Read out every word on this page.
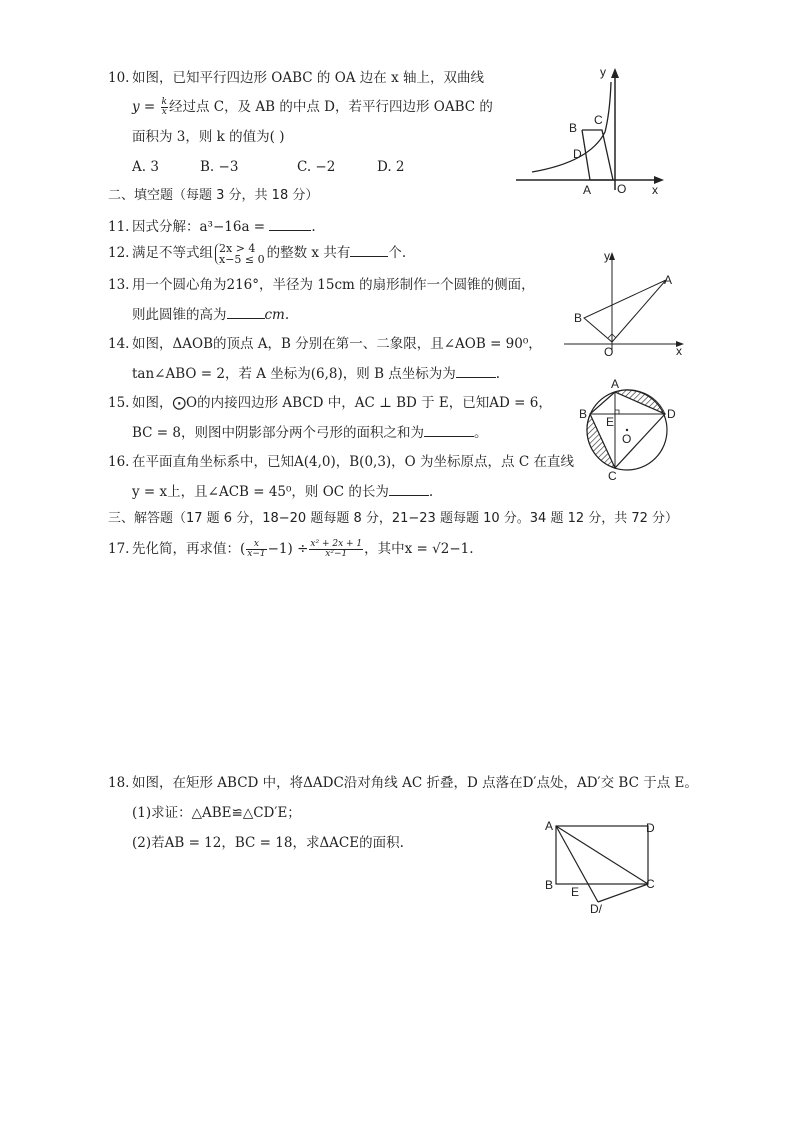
10. 如图，已知平行四边形 OABC 的 OA 边在 x 轴上，双曲线
$y = \frac{k}{x}$ 经过点 C，及 AB 的中点 D，若平行四边形 OABC 的
面积为 3，则 k 的值为( )
A. 3	B. −3	C. −2	D. 2
y
B
C
D
A O x
二、填空题（每题 3 分，共 18 分）
11. 因式分解：a³−16a =	.
12. 满足不等式组 2x > 4
x−5 ≤ 0 的整数 x 共有	个.	y
A
B
O	x
13. 用一个圆心角为216°，半径为 15cm 的扇形制作一个圆锥的侧面，
则此圆锥的高为	cm.
14. 如图，ΔAOB的顶点 A，B 分别在第一、二象限，且∠AOB = 90⁰，
tan∠ABO = 2，若 A 坐标为(6,8)，则 B 点坐标为为	.
A
B	D
E
O
C
15. 如图，⨀O的内接四边形 ABCD 中，AC ⊥ BD 于 E，已知AD = 6，
BC = 8，则图中阴影部分两个弓形的面积之和为	。
16. 在平面直角坐标系中，已知A(4,0)，B(0,3)，O 为坐标原点，点 C 在直线
y = x上，且∠ACB = 45⁰，则 OC 的长为	.
三、解答题（17 题 6 分，18−20 题每题 8 分，21−23 题每题 10 分。34 题 12 分，共 72 分）
17. 先化简，再求值：( $\frac{x}{x-1} -1) \div \frac{\text{x² + 2x + 1}}{\text{x²−1}}$ ，其中x = √2−1.
18. 如图，在矩形 ABCD 中，将ΔADC沿对角线 AC 折叠，D 点落在D′点处，AD′交 BC 于点 E。
(1)求证：△ABE≌△CD′E；
(2)若AB = 12，BC = 18，求ΔACE的面积.
A	D
B	C
E
D/
